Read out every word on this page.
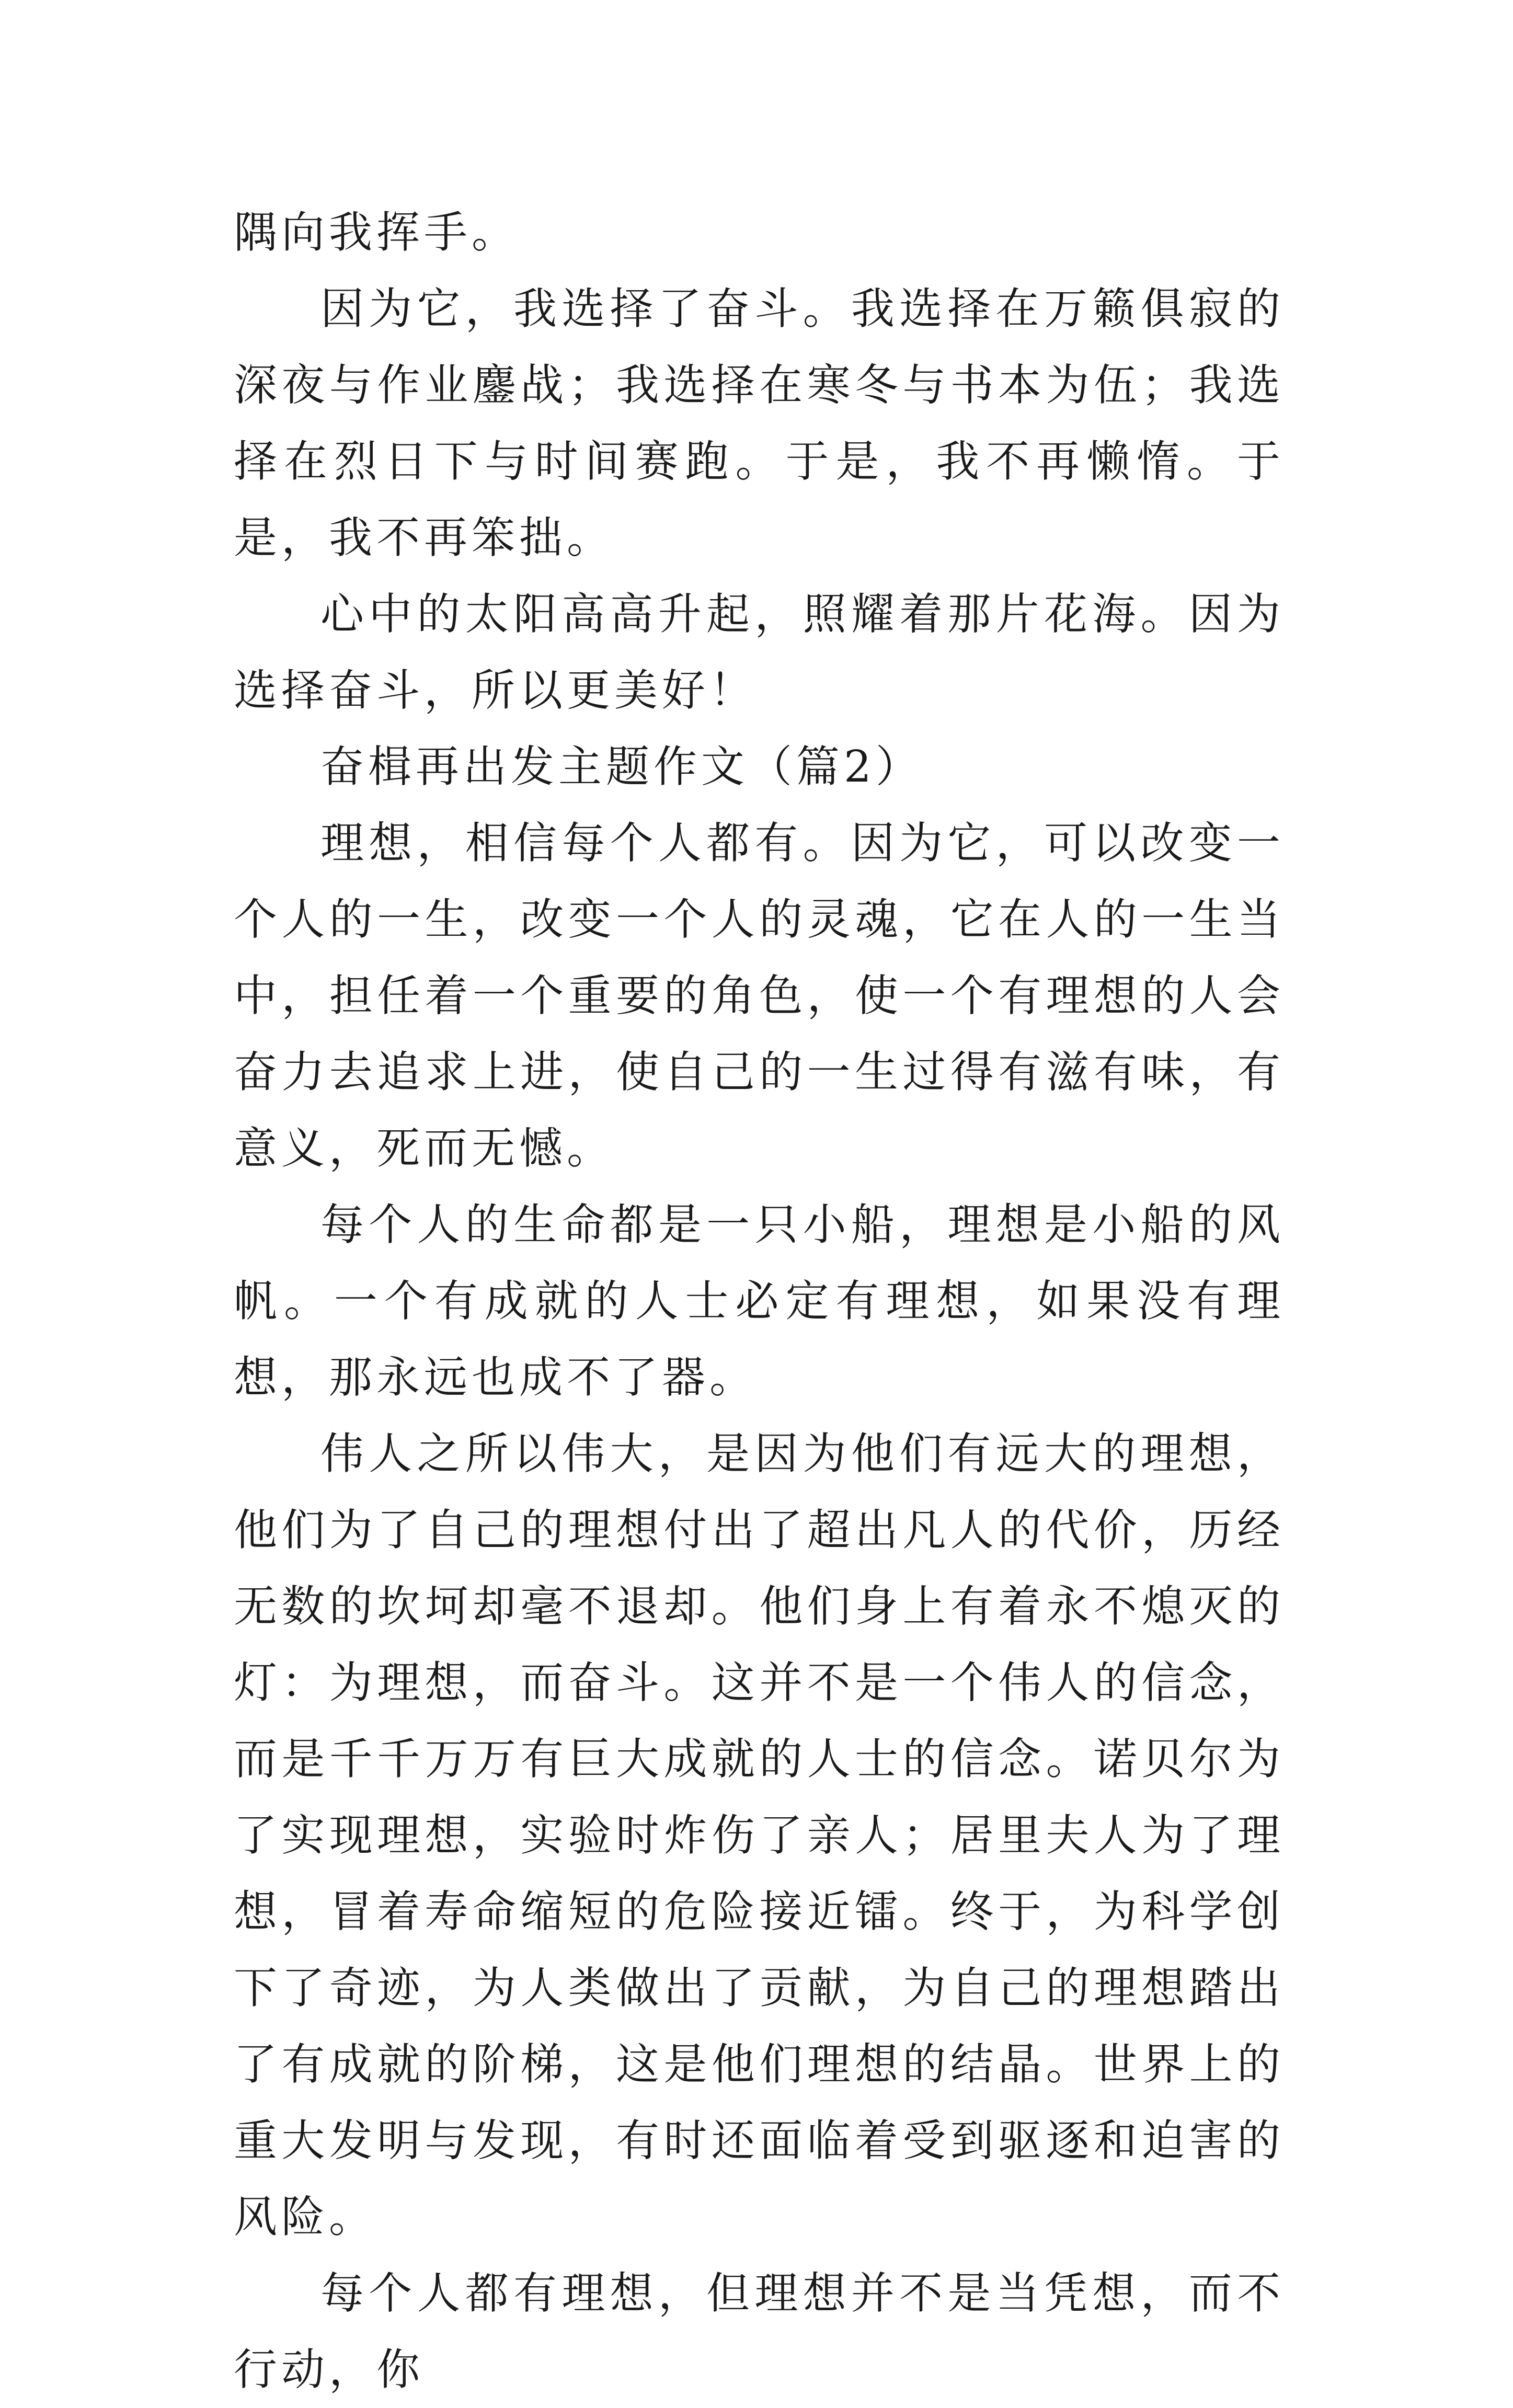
隅向我挥手。

因为它，我选择了奋斗。我选择在万籁俱寂的深夜与作业鏖战；我选择在寒冬与书本为伍；我选择在烈日下与时间赛跑。于是，我不再懒惰。于是，我不再笨拙。

心中的太阳高高升起，照耀着那片花海。因为选择奋斗，所以更美好！

奋楫再出发主题作文（篇2）

理想，相信每个人都有。因为它，可以改变一个人的一生，改变一个人的灵魂，它在人的一生当中，担任着一个重要的角色，使一个有理想的人会奋力去追求上进，使自己的一生过得有滋有味，有意义，死而无憾。

每个人的生命都是一只小船，理想是小船的风帆。一个有成就的人士必定有理想，如果没有理想，那永远也成不了器。

伟人之所以伟大，是因为他们有远大的理想，他们为了自己的理想付出了超出凡人的代价，历经无数的坎坷却毫不退却。他们身上有着永不熄灭的灯：为理想，而奋斗。这并不是一个伟人的信念，而是千千万万有巨大成就的人士的信念。诺贝尔为了实现理想，实验时炸伤了亲人；居里夫人为了理想，冒着寿命缩短的危险接近镭。终于，为科学创下了奇迹，为人类做出了贡献，为自己的理想踏出了有成就的阶梯，这是他们理想的结晶。世界上的重大发明与发现，有时还面临着受到驱逐和迫害的风险。

每个人都有理想，但理想并不是当凭想，而不行动，你
